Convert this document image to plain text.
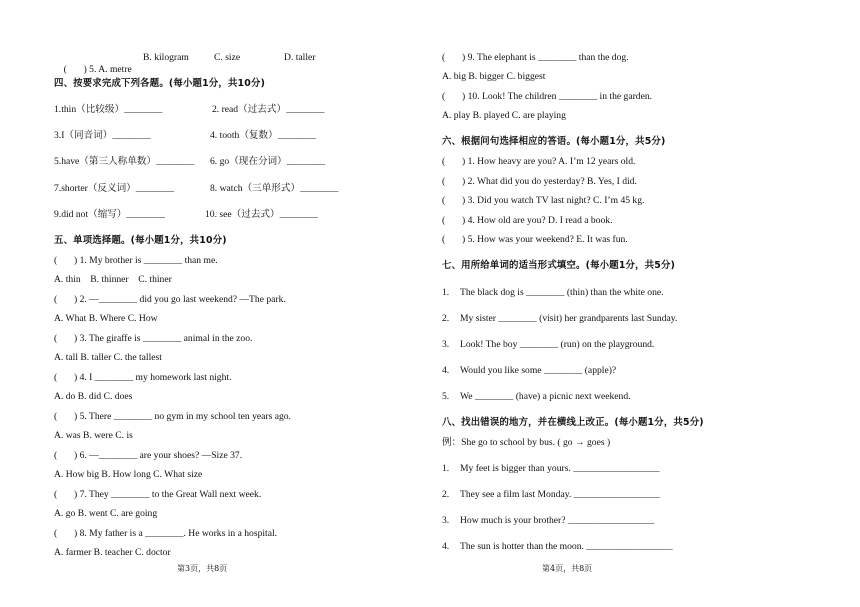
(       ) 5. A. metre

B. kilogram	C. size	D. taller
四、按要求完成下列各题。(每小题1分，共10分)
1.thin（比较级）________	2. read（过去式）________
3.I（同音词）________	4. tooth（复数）________
5.have（第三人称单数）________ 6. go（现在分词）________
7.shorter（反义词）________	8. watch（三单形式）________
9.did not（缩写）________	10. see（过去式）________
五、单项选择题。(每小题1分，共10分)
(       ) 1. My brother is ________ than me.
A. thin    B. thinner    C. thiner
(       ) 2. —________ did you go last weekend? —The park.
A. What B. Where C. How
(       ) 3. The giraffe is ________ animal in the zoo.
A. tall B. taller C. the tallest
(       ) 4. I ________ my homework last night.
A. do B. did C. does
(       ) 5. There ________ no gym in my school ten years ago.
A. was B. were C. is
(       ) 6. —________ are your shoes? —Size 37.
A. How big B. How long C. What size
(       ) 7. They ________ to the Great Wall next week.
A. go B. went C. are going
(       ) 8. My father is a ________. He works in a hospital.
A. farmer B. teacher C. doctor
第3页，共8页
(       ) 9. The elephant is ________ than the dog.
A. big B. bigger C. biggest
(       ) 10. Look! The children ________ in the garden.
A. play B. played C. are playing
六、根据问句选择相应的答语。(每小题1分，共5分)
(       ) 1. How heavy are you? A. I’m 12 years old.
(       ) 2. What did you do yesterday? B. Yes, I did.
(       ) 3. Did you watch TV last night? C. I’m 45 kg.
(       ) 4. How old are you? D. I read a book.
(       ) 5. How was your weekend? E. It was fun.
七、用所给单词的适当形式填空。(每小题1分，共5分)
1. The black dog is ________ (thin) than the white one.
2. My sister ________ (visit) her grandparents last Sunday.
3. Look! The boy ________ (run) on the playground.
4. Would you like some ________ (apple)?
5. We ________ (have) a picnic next weekend.
八、找出错误的地方，并在横线上改正。(每小题1分，共5分)
例：She go to school by bus. ( go → goes )
1. My feet is bigger than yours. __________________
2. They see a film last Monday. __________________
3. How much is your brother? __________________
4. The sun is hotter than the moon. __________________
第4页，共8页
